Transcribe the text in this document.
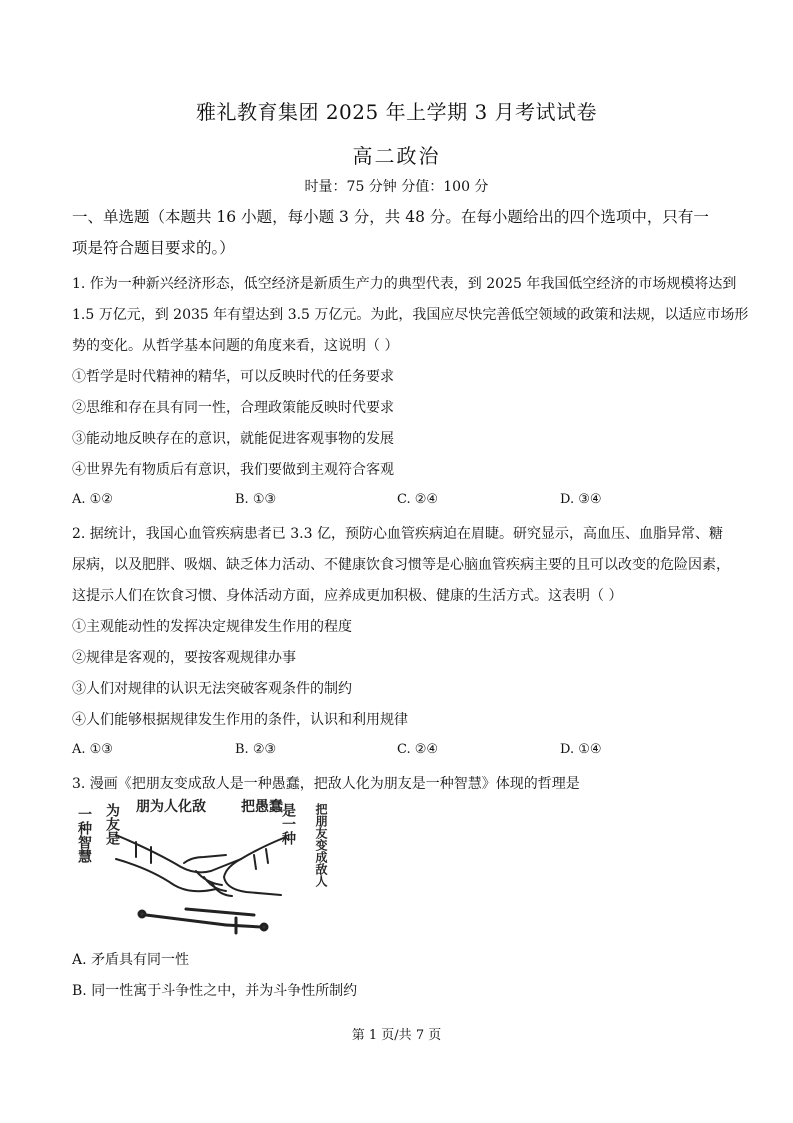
雅礼教育集团 2025 年上学期 3 月考试试卷
高二政治
时量：75 分钟 分值：100 分
一、单选题（本题共 16 小题，每小题 3 分，共 48 分。在每小题给出的四个选项中，只有一
项是符合题目要求的。）
1. 作为一种新兴经济形态，低空经济是新质生产力的典型代表，到 2025 年我国低空经济的市场规模将达到
1.5 万亿元，到 2035 年有望达到 3.5 万亿元。为此，我国应尽快完善低空领域的政策和法规，以适应市场形
势的变化。从哲学基本问题的角度来看，这说明（ ）
①哲学是时代精神的精华，可以反映时代的任务要求
②思维和存在具有同一性，合理政策能反映时代要求
③能动地反映存在的意识，就能促进客观事物的发展
④世界先有物质后有意识，我们要做到主观符合客观
A. ①②	B. ①③	C. ②④	D. ③④
2. 据统计，我国心血管疾病患者已 3.3 亿，预防心血管疾病迫在眉睫。研究显示，高血压、血脂异常、糖
尿病，以及肥胖、吸烟、缺乏体力活动、不健康饮食习惯等是心脑血管疾病主要的且可以改变的危险因素，
这提示人们在饮食习惯、身体活动方面，应养成更加积极、健康的生活方式。这表明（ ）
①主观能动性的发挥决定规律发生作用的程度
②规律是客观的，要按客观规律办事
③人们对规律的认识无法突破客观条件的制约
④人们能够根据规律发生作用的条件，认识和利用规律
A. ①③	B. ②③	C. ②④	D. ①④
3. 漫画《把朋友变成敌人是一种愚蠢，把敌人化为朋友是一种智慧》体现的哲理是
一种智慧 为友是 朋为人化敌	把愚蠢
是一种 把朋友变成敌人
A. 矛盾具有同一性
B. 同一性寓于斗争性之中，并为斗争性所制约
第 1 页/共 7 页
